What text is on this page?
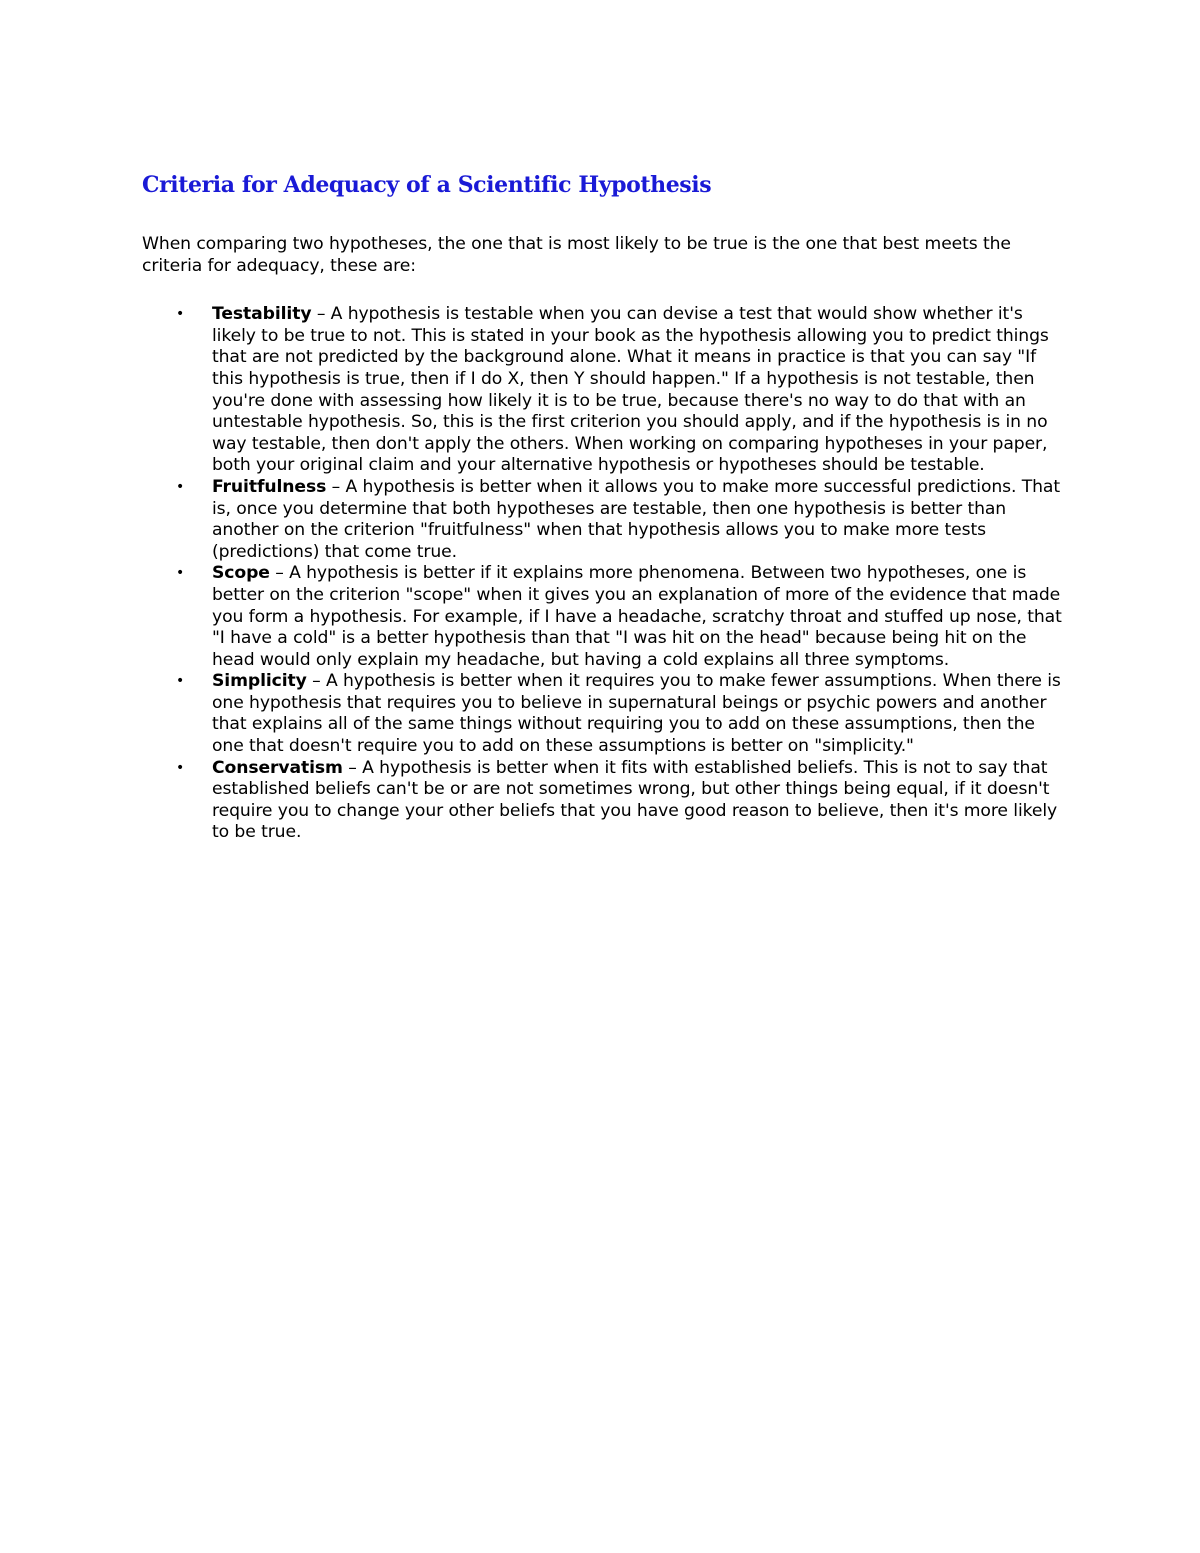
Criteria for Adequacy of a Scientific Hypothesis

When comparing two hypotheses, the one that is most likely to be true is the one that best meets the criteria for adequacy, these are:

• Testability – A hypothesis is testable when you can devise a test that would show whether it's likely to be true to not. This is stated in your book as the hypothesis allowing you to predict things that are not predicted by the background alone. What it means in practice is that you can say "If this hypothesis is true, then if I do X, then Y should happen." If a hypothesis is not testable, then you're done with assessing how likely it is to be true, because there's no way to do that with an untestable hypothesis. So, this is the first criterion you should apply, and if the hypothesis is in no way testable, then don't apply the others. When working on comparing hypotheses in your paper, both your original claim and your alternative hypothesis or hypotheses should be testable.
• Fruitfulness – A hypothesis is better when it allows you to make more successful predictions. That is, once you determine that both hypotheses are testable, then one hypothesis is better than another on the criterion "fruitfulness" when that hypothesis allows you to make more tests (predictions) that come true.
• Scope – A hypothesis is better if it explains more phenomena. Between two hypotheses, one is better on the criterion "scope" when it gives you an explanation of more of the evidence that made you form a hypothesis. For example, if I have a headache, scratchy throat and stuffed up nose, that "I have a cold" is a better hypothesis than that "I was hit on the head" because being hit on the head would only explain my headache, but having a cold explains all three symptoms.
• Simplicity – A hypothesis is better when it requires you to make fewer assumptions. When there is one hypothesis that requires you to believe in supernatural beings or psychic powers and another that explains all of the same things without requiring you to add on these assumptions, then the one that doesn't require you to add on these assumptions is better on "simplicity."
• Conservatism – A hypothesis is better when it fits with established beliefs. This is not to say that established beliefs can't be or are not sometimes wrong, but other things being equal, if it doesn't require you to change your other beliefs that you have good reason to believe, then it's more likely to be true.
